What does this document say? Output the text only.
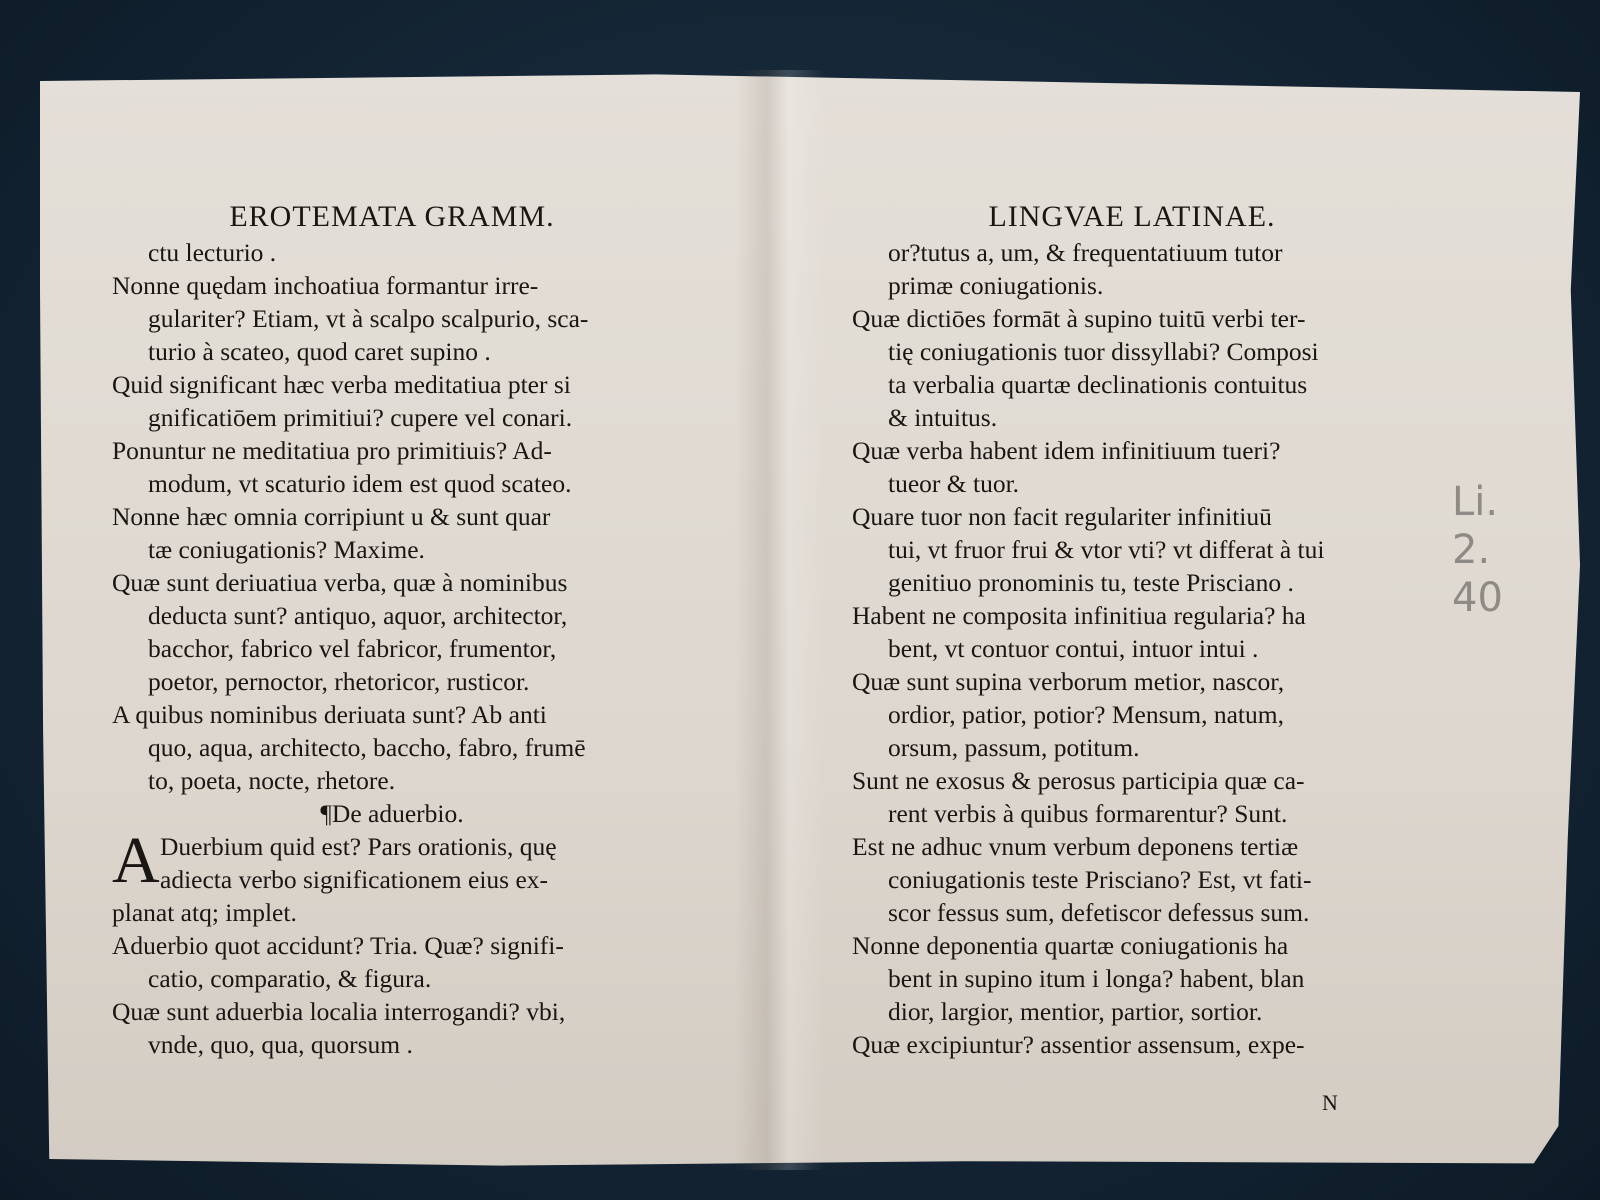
EROTEMATA GRAMM.
ctu lecturio .
Nonne quędam inchoatiua formantur irre-
gulariter? Etiam, vt à scalpo scalpurio, sca-
turio à scateo, quod caret supino .
Quid significant hæc verba meditatiua pter si
gnificatiōem primitiui? cupere vel conari.
Ponuntur ne meditatiua pro primitiuis? Ad-
modum, vt scaturio idem est quod scateo.
Nonne hæc omnia corripiunt u & sunt quar
tæ coniugationis? Maxime.
Quæ sunt deriuatiua verba, quæ à nominibus
deducta sunt? antiquo, aquor, architector,
bacchor, fabrico vel fabricor, frumentor,
poetor, pernoctor, rhetoricor, rusticor.
A quibus nominibus deriuata sunt? Ab anti
quo, aqua, architecto, baccho, fabro, frumē
to, poeta, nocte, rhetore.
¶De aduerbio.
A Duerbium quid est? Pars orationis, quę
adiecta verbo significationem eius ex-
planat atq; implet.
Aduerbio quot accidunt? Tria. Quæ? signifi-
catio, comparatio, & figura.
Quæ sunt aduerbia localia interrogandi? vbi,
vnde, quo, qua, quorsum .
LINGVAE LATINAE.
or?tutus a, um, & frequentatiuum tutor
primæ coniugationis.
Quæ dictiōes formāt à supino tuitū verbi ter-
tię coniugationis tuor dissyllabi? Composi
ta verbalia quartæ declinationis contuitus
& intuitus.
Quæ verba habent idem infinitiuum tueri?
tueor & tuor.
Quare tuor non facit regulariter infinitiuū
tui, vt fruor frui & vtor vti? vt differat à tui
genitiuo pronominis tu, teste Prisciano .
Habent ne composita infinitiua regularia? ha
bent, vt contuor contui, intuor intui .
Quæ sunt supina verborum metior, nascor,
ordior, patior, potior? Mensum, natum,
orsum, passum, potitum.
Sunt ne exosus & perosus participia quæ ca-
rent verbis à quibus formarentur? Sunt.
Est ne adhuc vnum verbum deponens tertiæ
coniugationis teste Prisciano? Est, vt fati-
scor fessus sum, defetiscor defessus sum.
Nonne deponentia quartæ coniugationis ha
bent in supino itum i longa? habent, blan
dior, largior, mentior, partior, sortior.
Quæ excipiuntur? assentior assensum, expe-
N
Li.
2.
40
